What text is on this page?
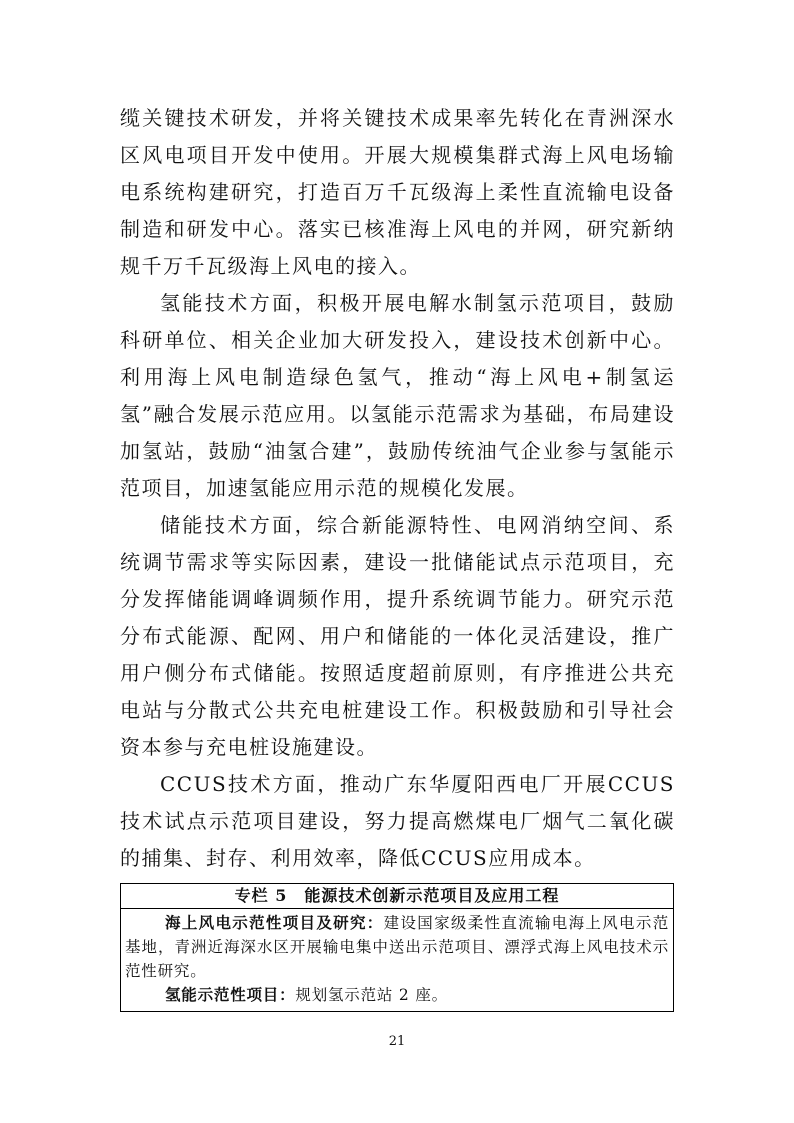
缆关键技术研发，并将关键技术成果率先转化在青洲深水区风电项目开发中使用。开展大规模集群式海上风电场输电系统构建研究，打造百万千瓦级海上柔性直流输电设备制造和研发中心。落实已核准海上风电的并网，研究新纳规千万千瓦级海上风电的接入。

氢能技术方面，积极开展电解水制氢示范项目，鼓励科研单位、相关企业加大研发投入，建设技术创新中心。利用海上风电制造绿色氢气，推动“海上风电+制氢运氢”融合发展示范应用。以氢能示范需求为基础，布局建设加氢站，鼓励“油氢合建”，鼓励传统油气企业参与氢能示范项目，加速氢能应用示范的规模化发展。

储能技术方面，综合新能源特性、电网消纳空间、系统调节需求等实际因素，建设一批储能试点示范项目，充分发挥储能调峰调频作用，提升系统调节能力。研究示范分布式能源、配网、用户和储能的一体化灵活建设，推广用户侧分布式储能。按照适度超前原则，有序推进公共充电站与分散式公共充电桩建设工作。积极鼓励和引导社会资本参与充电桩设施建设。

CCUS技术方面，推动广东华厦阳西电厂开展CCUS技术试点示范项目建设，努力提高燃煤电厂烟气二氧化碳的捕集、封存、利用效率，降低CCUS应用成本。

专栏 5　能源技术创新示范项目及应用工程

海上风电示范性项目及研究：建设国家级柔性直流输电海上风电示范基地，青洲近海深水区开展输电集中送出示范项目、漂浮式海上风电技术示范性研究。

氢能示范性项目：规划氢示范站 2 座。

21
